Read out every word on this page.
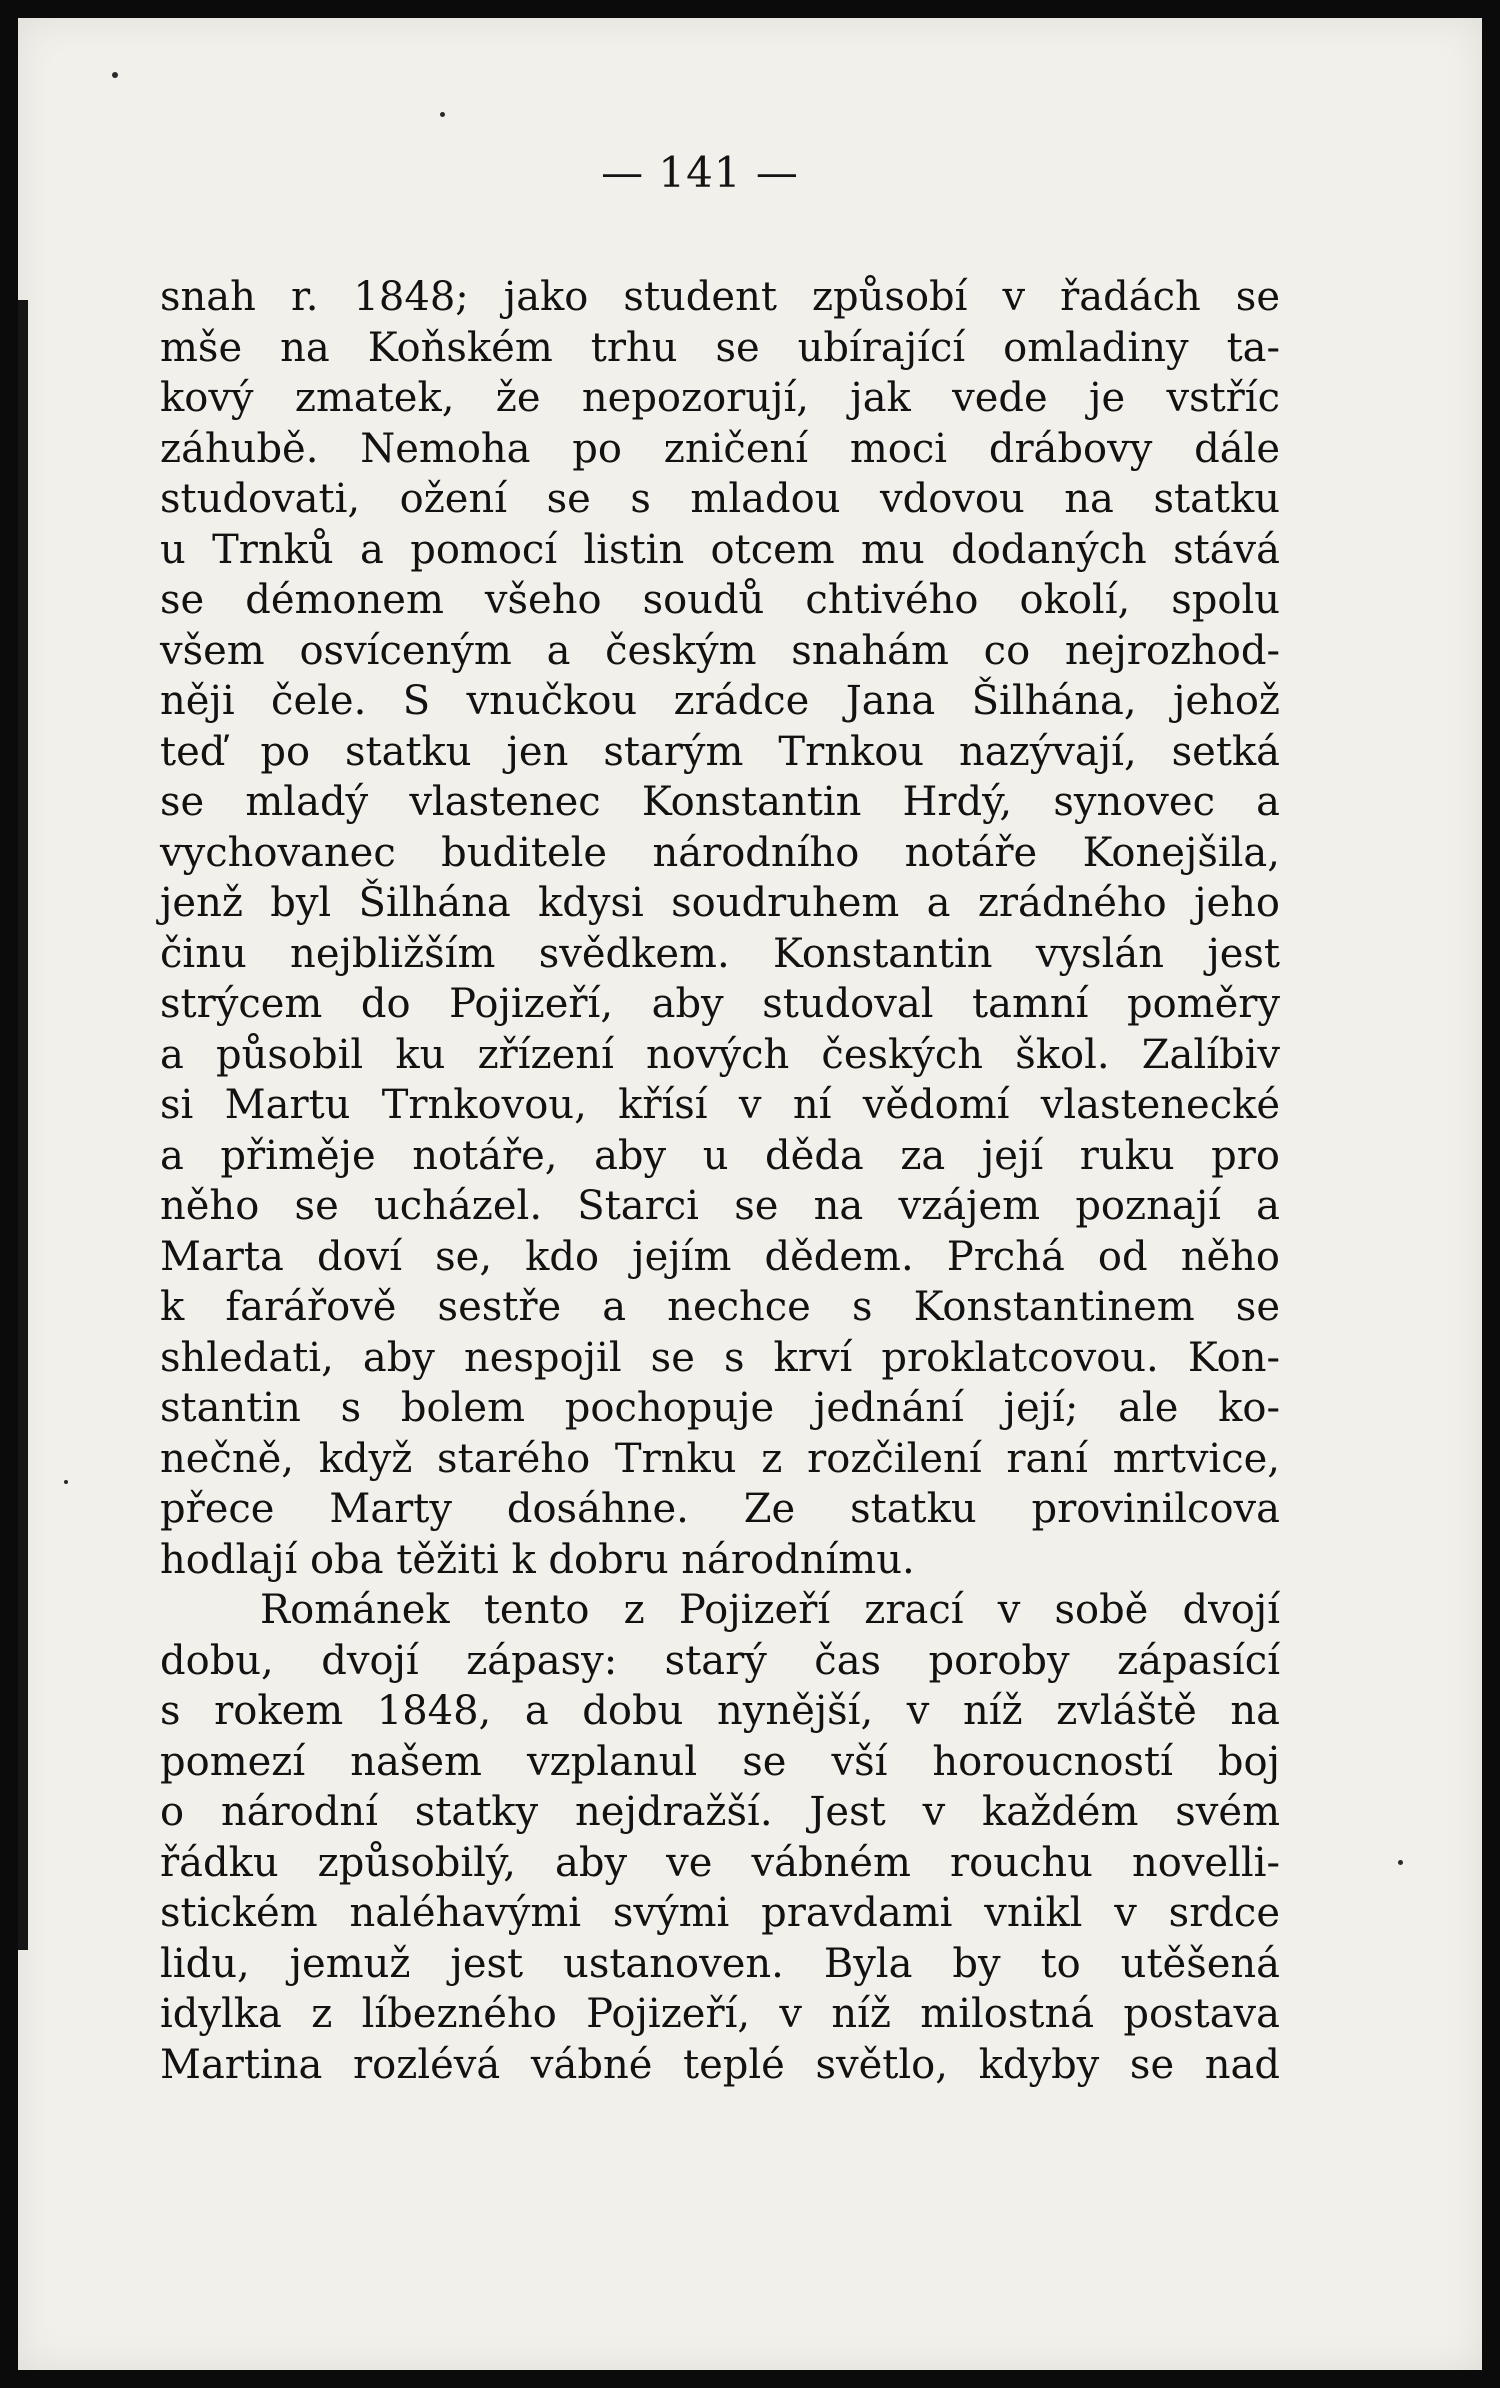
— 141 —
snah r. 1848; jako student způsobí v řadách se
mše na Koňském trhu se ubírající omladiny ta-
kový zmatek, že nepozorují, jak vede je vstříc
záhubě. Nemoha po zničení moci drábovy dále
studovati, ožení se s mladou vdovou na statku
u Trnků a pomocí listin otcem mu dodaných stává
se démonem všeho soudů chtivého okolí, spolu
všem osvíceným a českým snahám co nejrozhod-
něji čele. S vnučkou zrádce Jana Šilhána, jehož
teď po statku jen starým Trnkou nazývají, setká
se mladý vlastenec Konstantin Hrdý, synovec a
vychovanec buditele národního notáře Konejšila,
jenž byl Šilhána kdysi soudruhem a zrádného jeho
činu nejbližším svědkem. Konstantin vyslán jest
strýcem do Pojizeří, aby studoval tamní poměry
a působil ku zřízení nových českých škol. Zalíbiv
si Martu Trnkovou, křísí v ní vědomí vlastenecké
a přiměje notáře, aby u děda za její ruku pro
něho se ucházel. Starci se na vzájem poznají a
Marta doví se, kdo jejím dědem. Prchá od něho
k farářově sestře a nechce s Konstantinem se
shledati, aby nespojil se s krví proklatcovou. Kon-
stantin s bolem pochopuje jednání její; ale ko-
nečně, když starého Trnku z rozčilení raní mrtvice,
přece Marty dosáhne. Ze statku provinilcova
hodlají oba těžiti k dobru národnímu.
Románek tento z Pojizeří zrací v sobě dvojí
dobu, dvojí zápasy: starý čas poroby zápasící
s rokem 1848, a dobu nynější, v níž zvláště na
pomezí našem vzplanul se vší horoucností boj
o národní statky nejdražší. Jest v každém svém
řádku způsobilý, aby ve vábném rouchu novelli-
stickém naléhavými svými pravdami vnikl v srdce
lidu, jemuž jest ustanoven. Byla by to utěšená
idylka z líbezného Pojizeří, v níž milostná postava
Martina rozlévá vábné teplé světlo, kdyby se nad
